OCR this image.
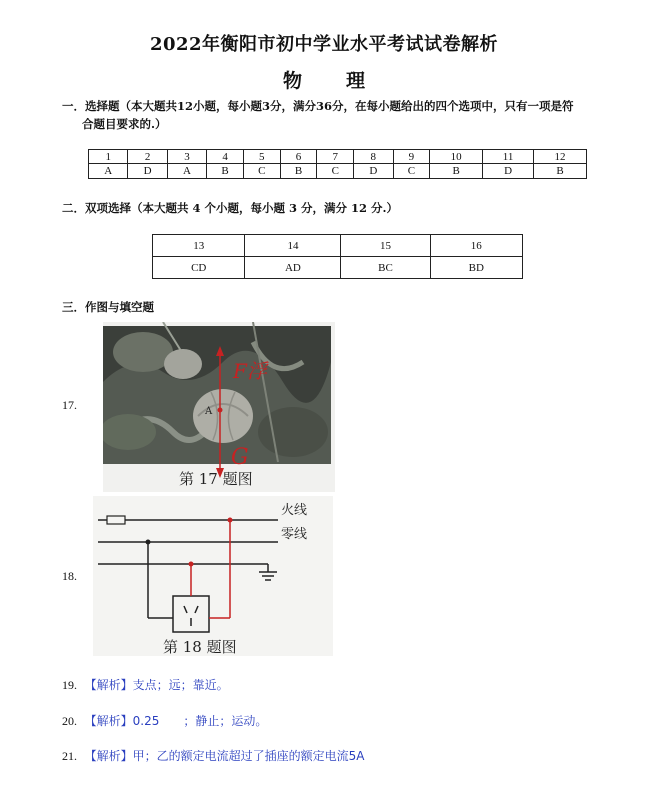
2022年衡阳市初中学业水平考试试卷解析
物 理
一．选择题（本大题共12小题，每小题3分，满分36分，在每小题给出的四个选项中，只有一项是符
合题目要求的.）
1	2	3	4	5	6	7	8	9	10	11	12
A	D	A	B	C	B	C	D	C	B	D	B
二．双项选择（本大题共 4 个小题，每小题 3 分，满分 12 分.）
13	14	15	16
CD	AD	BC	BD
三．作图与填空题
17.	A
F浮
G
第 17 题图
18.
火线
零线
第 18 题图
19. 【解析】支点；远；靠近。
20. 【解析】0.25　　；静止；运动。
21. 【解析】甲；乙的额定电流超过了插座的额定电流5A
